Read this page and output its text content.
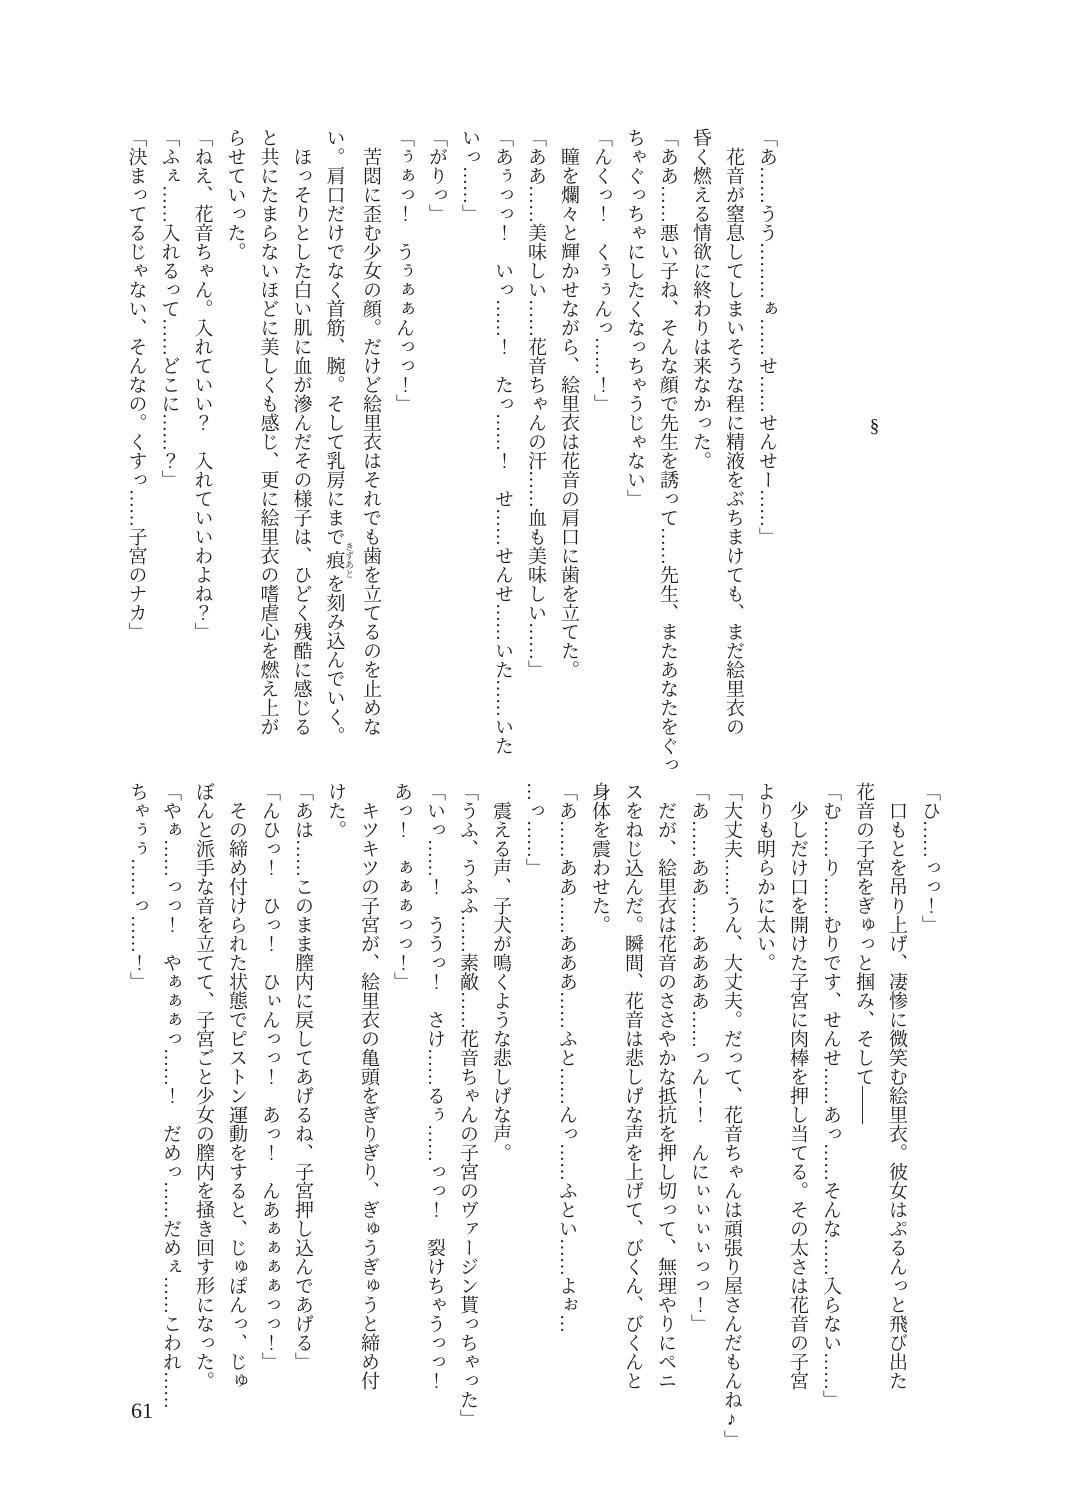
§
「あ……うう………ぁ……せ……せんせー……」
花音が窒息してしまいそうな程に精液をぶちまけても、まだ絵里衣の
昏く燃える情欲に終わりは来なかった。
「ああ……悪い子ね、そんな顔で先生を誘って……先生、またあなたをぐっ
ちゃぐっちゃにしたくなっちゃうじゃない」
「んくっ！　くぅぅんっ……！」
瞳を爛々と輝かせながら、絵里衣は花音の肩口に歯を立てた。
「ああ……美味しい……花音ちゃんの汗……血も美味しい……」
「あぅっっ！　いっ……！　たっ……！　せ……せんせ……いた……いた
いっ……」
「がりっ」
「ぅぁっ！　うぅぁぁんっっ！」
苦悶に歪む少女の顔。だけど絵里衣はそれでも歯を立てるのを止めな
い。肩口だけでなく首筋、腕。そして乳房にまで痕 きずあとを刻み込んでいく。
ほっそりとした白い肌に血が滲んだその様子は、ひどく残酷に感じる
と共にたまらないほどに美しくも感じ、更に絵里衣の嗜虐心を燃え上が
らせていった。
「ねえ、花音ちゃん。入れていい？　入れていいわよね？」
「ふぇ……入れるって……どこに……？」
「決まってるじゃない、そんなの。くすっ……子宮のナカ」
「ひ……っっ！」
口もとを吊り上げ、凄惨に微笑む絵里衣。彼女はぷるんっと飛び出た
花音の子宮をぎゅっと掴み、そして――
「む……り……むりです、せんせ……あっ……そんな……入らない……」
少しだけ口を開けた子宮に肉棒を押し当てる。その太さは花音の子宮
よりも明らかに太い。
「大丈夫……うん、大丈夫。だって、花音ちゃんは頑張り屋さんだもんね♪」
「あ……ああ……ああああ……っん！！　んにぃぃぃぃっっ！」
だが、絵里衣は花音のささやかな抵抗を押し切って、無理やりにペニ
スをねじ込んだ。瞬間、花音は悲しげな声を上げて、びくん、びくんと
身体を震わせた。
「あ……ああ……あああ……ふと……んっ……ふとい……よぉ…
…っ……」
震える声、子犬が鳴くような悲しげな声。
「うふ、うふふ……素敵……花音ちゃんの子宮のヴァージン貰っちゃった」
「いっ……！　ううっ！　さけ……るぅ……っっ！　裂けちゃうっっ！
あっ！　ぁぁぁっっ！」
キツキツの子宮が、絵里衣の亀頭をぎりぎり、ぎゅうぎゅうと締め付
けた。
「あは……このまま膣内に戻してあげるね、子宮押し込んであげる」
「んひっ！　ひっ！　ひぃんっっ！　あっ！　んあぁぁぁぁっっ！」
その締め付けられた状態でピストン運動をすると、じゅぽんっ、じゅ
ぼんと派手な音を立てて、子宮ごと少女の膣内を掻き回す形になった。
「やぁ……っっ！　やぁぁぁっ……！　だめっ……だめぇ……こわれ……
ちゃぅぅ……っ……！」
61
